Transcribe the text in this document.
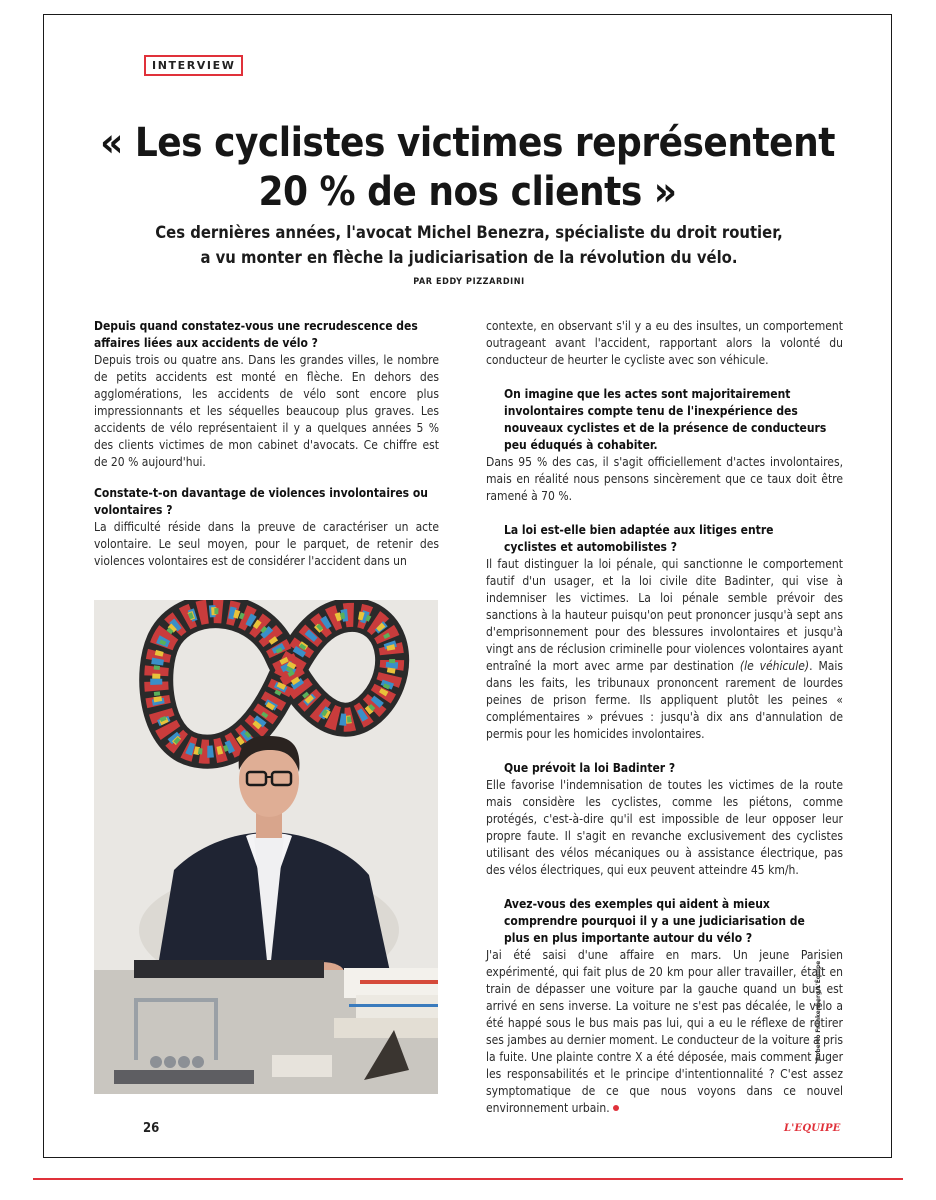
INTERVIEW
« Les cyclistes victimes représentent
20 % de nos clients »
Ces dernières années, l'avocat Michel Benezra, spécialiste du droit routier,
a vu monter en flèche la judiciarisation de la révolution du vélo.
PAR EDDY PIZZARDINI
Depuis quand constatez-vous une recrudescence des affaires liées aux accidents de vélo ?
Depuis trois ou quatre ans. Dans les grandes villes, le nombre de petits accidents est monté en flèche. En dehors des agglomérations, les accidents de vélo sont encore plus impressionnants et les séquelles beaucoup plus graves. Les accidents de vélo représentaient il y a quelques années 5 % des clients victimes de mon cabinet d'avocats. Ce chiffre est de 20 % aujourd'hui.
Constate-t-on davantage de violences involontaires ou volontaires ?
La difficulté réside dans la preuve de caractériser un acte volontaire. Le seul moyen, pour le parquet, de retenir des violences volontaires est de considérer l'accident dans un
contexte, en observant s'il y a eu des insultes, un comportement outrageant avant l'accident, rapportant alors la volonté du conducteur de heurter le cycliste avec son véhicule.
On imagine que les actes sont majoritairement involontaires compte tenu de l'inexpérience des nouveaux cyclistes et de la présence de conducteurs peu éduqués à cohabiter.
Dans 95 % des cas, il s'agit officiellement d'actes involontaires, mais en réalité nous pensons sincèrement que ce taux doit être ramené à 70 %.
La loi est-elle bien adaptée aux litiges entre cyclistes et automobilistes ?
Il faut distinguer la loi pénale, qui sanctionne le comportement fautif d'un usager, et la loi civile dite Badinter, qui vise à indemniser les victimes. La loi pénale semble prévoir des sanctions à la hauteur puisqu'on peut prononcer jusqu'à sept ans d'emprisonnement pour des blessures involontaires et jusqu'à vingt ans de réclusion criminelle pour violences volontaires ayant entraîné la mort avec arme par destination (le véhicule). Mais dans les faits, les tribunaux prononcent rarement de lourdes peines de prison ferme. Ils appliquent plutôt les peines « complémentaires » prévues : jusqu'à dix ans d'annulation de permis pour les homicides involontaires.
Que prévoit la loi Badinter ?
Elle favorise l'indemnisation de toutes les victimes de la route mais considère les cyclistes, comme les piétons, comme protégés, c'est-à-dire qu'il est impossible de leur opposer leur propre faute. Il s'agit en revanche exclusivement des cyclistes utilisant des vélos mécaniques ou à assistance électrique, pas des vélos électriques, qui eux peuvent atteindre 45 km/h.
Avez-vous des exemples qui aident à mieux comprendre pourquoi il y a une judiciarisation de plus en plus importante autour du vélo ?
J'ai été saisi d'une affaire en mars. Un jeune Parisien expérimenté, qui fait plus de 20 km pour aller travailler, était en train de dépasser une voiture par la gauche quand un bus est arrivé en sens inverse. La voiture ne s'est pas décalée, le vélo a été happé sous le bus mais pas lui, qui a eu le réflexe de retirer ses jambes au dernier moment. Le conducteur de la voiture a pris la fuite. Une plainte contre X a été déposée, mais comment juger les responsabilités et le principe d'intentionnalité ? C'est assez symptomatique de ce que nous voyons dans ce nouvel environnement urbain.
Roberto Frankenberg/L'Équipe
26	L'EQUIPE
